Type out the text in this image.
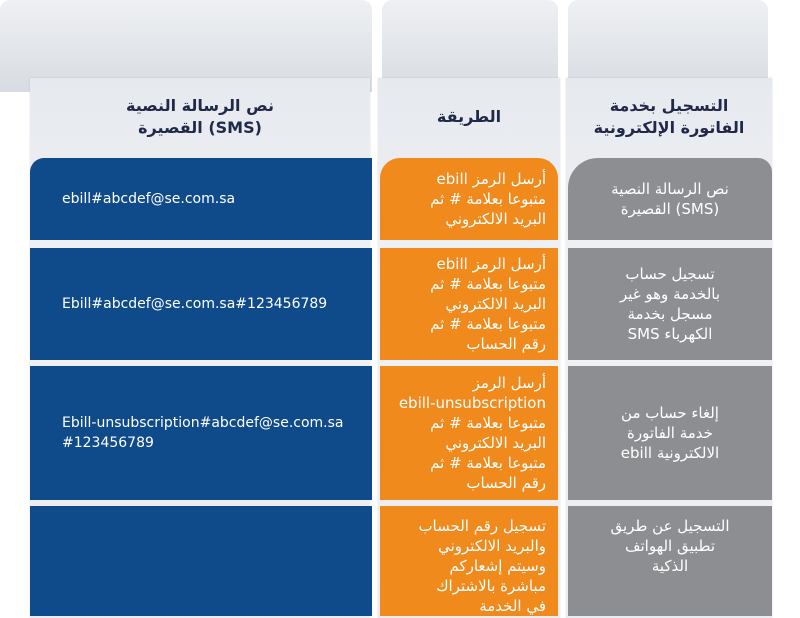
نص الرسالة النصية
(SMS) القصيرة
الطريقة
التسجيل بخدمة
الفاتورة الإلكترونية
نص الرسالة النصية
(SMS) القصيرة
أرسل الرمز ebill
متبوعا بعلامة # ثم
البريد الالكتروني
ebill#abcdef@se.com.sa
تسجيل حساب
بالخدمة وهو غير
مسجل بخدمة
الكهرباء SMS
أرسل الرمز ebill
متبوعا بعلامة # ثم
البريد الالكتروني
متبوعا بعلامة # ثم
رقم الحساب
Ebill#abcdef@se.com.sa#123456789
إلغاء حساب من
خدمة الفاتورة
الالكترونية ebill
أرسل الرمز
ebill-unsubscription
متبوعا بعلامة # ثم
البريد الالكتروني
متبوعا بعلامة # ثم
رقم الحساب
Ebill-unsubscription#abcdef@se.com.sa
#123456789
التسجيل عن طريق
تطبيق الهواتف
الذكية
تسجيل رقم الحساب
والبريد الالكتروني
وسيتم إشعاركم
مباشرة بالاشتراك
في الخدمة
